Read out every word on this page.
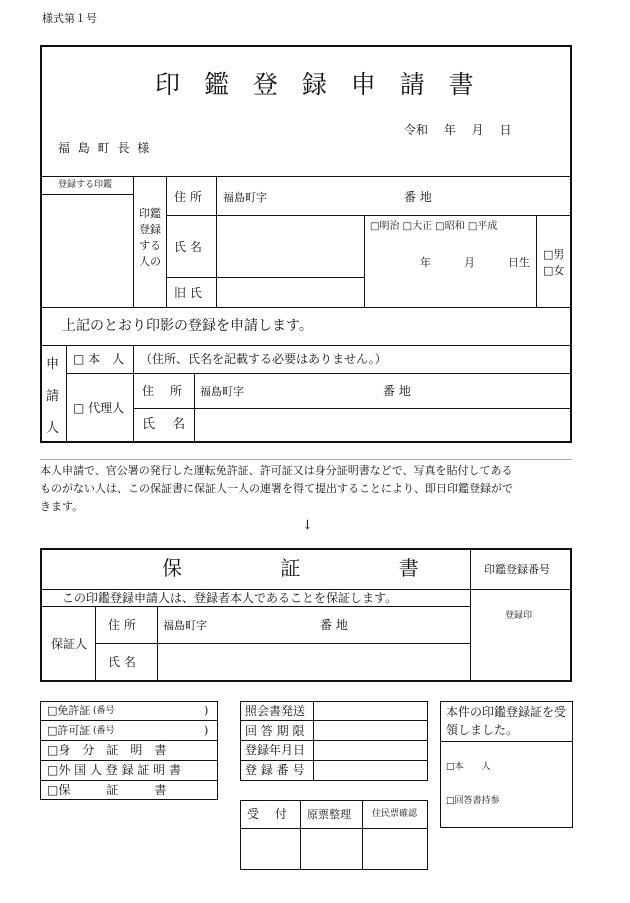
様式第１号
印 鑑 登 録 申 請 書
令和　 年　 月　 日
福 島 町 長 様
登録する印鑑
印鑑登録する人の
住 所 福島町字	番 地
氏 名
旧 氏
□明治 □大正 □昭和 □平成
年　　　月　　　日生
□男
□女
上記のとおり印影の登録を申請します。
申請人
□ 本　人 （住所、氏名を記載する必要はありません。）
□ 代理人
住　 所 福島町字	番 地
氏　 名
本人申請で、官公署の発行した運転免許証、許可証又は身分証明書などで、写真を貼付してある
ものがない人は、この保証書に保証人一人の連署を得て提出することにより、即日印鑑登録がで
きます。
↓
保　　　　 証　　　　 書	印鑑登録番号
この印鑑登録申請人は、登録者本人であることを保証します。
登録印
保証人
住 所 福島町字	番 地
氏 名
□免許証 (番号	)
□許可証 (番号	)
□身　分　証　明　書
□外 国 人 登 録 証 明 書
□保　　　証　　　書
照会書発送
回 答 期 限
登録年月日
登 録 番 号
受　 付 原票整理 住民票確認
本件の印鑑登録証を受
領しました。
□本　　人
□回答書持参
